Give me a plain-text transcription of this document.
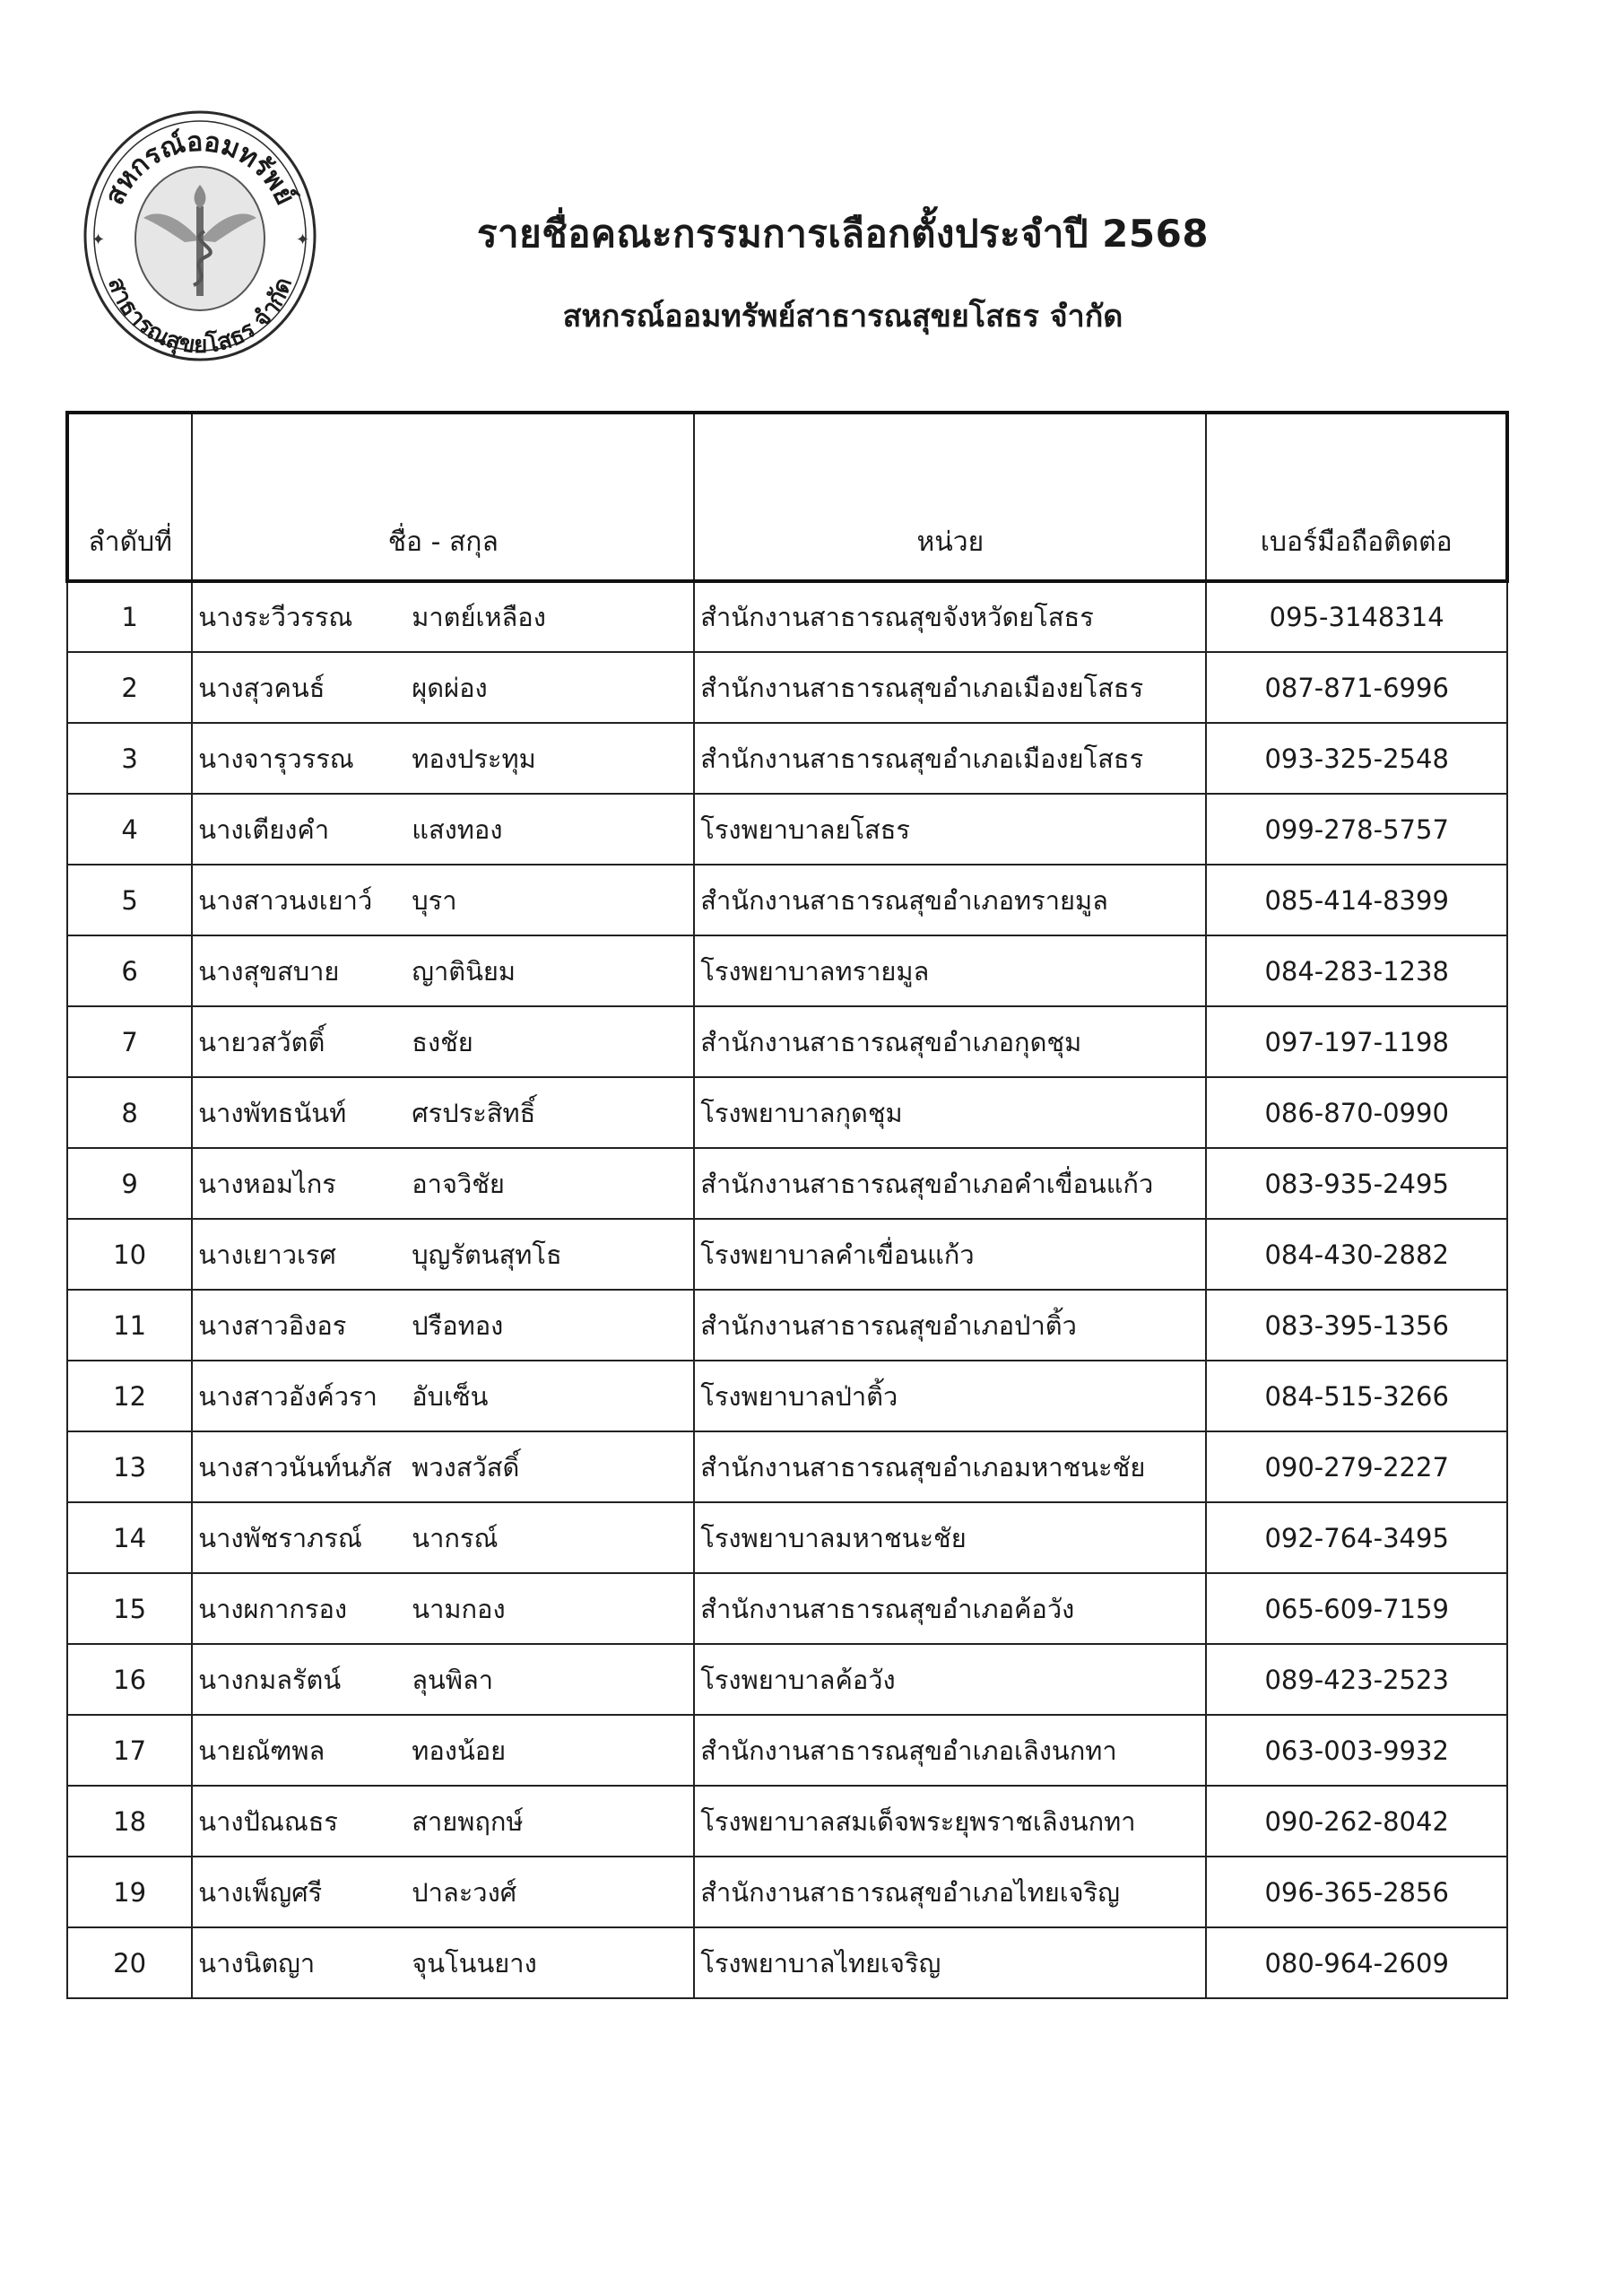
✦	✦
สหกรณ์ออมทรัพย์
สาธารณสุขยโสธร จำกัด
รายชื่อคณะกรรมการเลือกตั้งประจำปี 2568
สหกรณ์ออมทรัพย์สาธารณสุขยโสธร จำกัด
ลำดับที่	ชื่อ - สกุล	หน่วย	เบอร์มือถือติดต่อ
1	นางระวีวรรณ มาตย์เหลือง	สำนักงานสาธารณสุขจังหวัดยโสธร	095-3148314
2	นางสุวคนธ์ ผุดผ่อง	สำนักงานสาธารณสุขอำเภอเมืองยโสธร	087-871-6996
3	นางจารุวรรณ ทองประทุม	สำนักงานสาธารณสุขอำเภอเมืองยโสธร	093-325-2548
4	นางเตียงคำ แสงทอง	โรงพยาบาลยโสธร	099-278-5757
5	นางสาวนงเยาว์ บุรา	สำนักงานสาธารณสุขอำเภอทรายมูล	085-414-8399
6	นางสุขสบาย ญาตินิยม	โรงพยาบาลทรายมูล	084-283-1238
7	นายวสวัตติ์ ธงชัย	สำนักงานสาธารณสุขอำเภอกุดชุม	097-197-1198
8	นางพัทธนันท์ ศรประสิทธิ์	โรงพยาบาลกุดชุม	086-870-0990
9	นางหอมไกร อาจวิชัย	สำนักงานสาธารณสุขอำเภอคำเขื่อนแก้ว	083-935-2495
10	นางเยาวเรศ บุญรัตนสุทโธ	โรงพยาบาลคำเขื่อนแก้ว	084-430-2882
11	นางสาวอิงอร ปรือทอง	สำนักงานสาธารณสุขอำเภอป่าติ้ว	083-395-1356
12	นางสาวอังค์วรา อับเซ็น	โรงพยาบาลป่าติ้ว	084-515-3266
13	นางสาวนันท์นภัส พวงสวัสดิ์	สำนักงานสาธารณสุขอำเภอมหาชนะชัย	090-279-2227
14	นางพัชราภรณ์ นากรณ์	โรงพยาบาลมหาชนะชัย	092-764-3495
15	นางผกากรอง นามกอง	สำนักงานสาธารณสุขอำเภอค้อวัง	065-609-7159
16	นางกมลรัตน์ ลุนพิลา	โรงพยาบาลค้อวัง	089-423-2523
17	นายณัฑพล ทองน้อย	สำนักงานสาธารณสุขอำเภอเลิงนกทา	063-003-9932
18	นางปัณณธร สายพฤกษ์	โรงพยาบาลสมเด็จพระยุพราชเลิงนกทา	090-262-8042
19	นางเพ็ญศรี ปาละวงศ์	สำนักงานสาธารณสุขอำเภอไทยเจริญ	096-365-2856
20	นางนิตญา จุนโนนยาง	โรงพยาบาลไทยเจริญ	080-964-2609
